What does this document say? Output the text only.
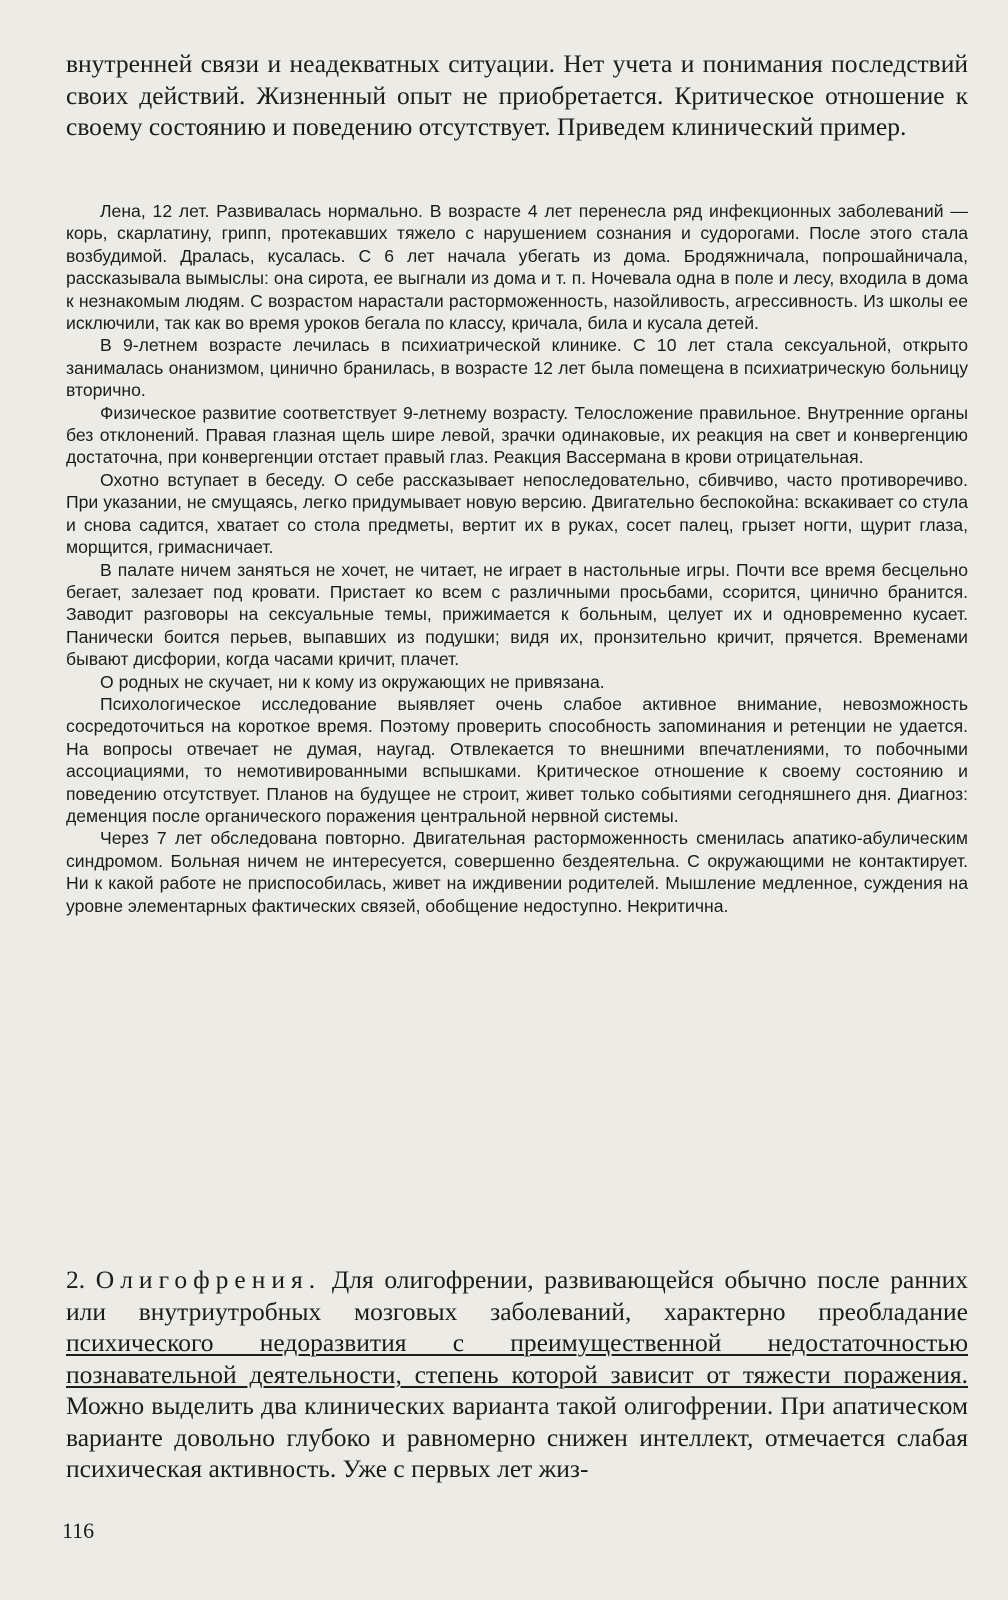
внутренней связи и неадекватных ситуации. Нет учета и понимания последствий своих действий. Жизненный опыт не приобретается. Критическое отношение к своему состоянию и поведению отсутствует. Приведем клинический пример.

Лена, 12 лет. Развивалась нормально. В возрасте 4 лет перенесла ряд инфекционных заболеваний — корь, скарлатину, грипп, протекавших тяжело с нарушением сознания и судорогами. После этого стала возбудимой. Дралась, кусалась. С 6 лет начала убегать из дома. Бродяжничала, попрошайничала, рассказывала вымыслы: она сирота, ее выгнали из дома и т. п. Ночевала одна в поле и лесу, входила в дома к незнакомым людям. С возрастом нарастали расторможенность, назойливость, агрессивность. Из школы ее исключили, так как во время уроков бегала по классу, кричала, била и кусала детей.

В 9-летнем возрасте лечилась в психиатрической клинике. С 10 лет стала сексуальной, открыто занималась онанизмом, цинично бранилась, в возрасте 12 лет была помещена в психиатрическую больницу вторично.

Физическое развитие соответствует 9-летнему возрасту. Телосложение правильное. Внутренние органы без отклонений. Правая глазная щель шире левой, зрачки одинаковые, их реакция на свет и конвергенцию достаточна, при конвергенции отстает правый глаз. Реакция Вассермана в крови отрицательная.

Охотно вступает в беседу. О себе рассказывает непоследовательно, сбивчиво, часто противоречиво. При указании, не смущаясь, легко придумывает новую версию. Двигательно беспокойна: вскакивает со стула и снова садится, хватает со стола предметы, вертит их в руках, сосет палец, грызет ногти, щурит глаза, морщится, гримасничает.

В палате ничем заняться не хочет, не читает, не играет в настольные игры. Почти все время бесцельно бегает, залезает под кровати. Пристает ко всем с различными просьбами, ссорится, цинично бранится. Заводит разговоры на сексуальные темы, прижимается к больным, целует их и одновременно кусает. Панически боится перьев, выпавших из подушки; видя их, пронзительно кричит, прячется. Временами бывают дисфории, когда часами кричит, плачет.

О родных не скучает, ни к кому из окружающих не привязана.

Психологическое исследование выявляет очень слабое активное внимание, невозможность сосредоточиться на короткое время. Поэтому проверить способность запоминания и ретенции не удается. На вопросы отвечает не думая, наугад. Отвлекается то внешними впечатлениями, то побочными ассоциациями, то немотивированными вспышками. Критическое отношение к своему состоянию и поведению отсутствует. Планов на будущее не строит, живет только событиями сегодняшнего дня. Диагноз: деменция после органического поражения центральной нервной системы.

Через 7 лет обследована повторно. Двигательная расторможенность сменилась апатико-абулическим синдромом. Больная ничем не интересуется, совершенно бездеятельна. С окружающими не контактирует. Ни к какой работе не приспособилась, живет на иждивении родителей. Мышление медленное, суждения на уровне элементарных фактических связей, обобщение недоступно. Некритична.

2. Олигофрения. Для олигофрении, развивающейся обычно после ранних или внутриутробных мозговых заболеваний, характерно преобладание психического недоразвития с преимущественной недостаточностью познавательной деятельности, степень которой зависит от тяжести поражения. Можно выделить два клинических варианта такой олигофрении. При апатическом варианте довольно глубоко и равномерно снижен интеллект, отмечается слабая психическая активность. Уже с первых лет жиз-

116
